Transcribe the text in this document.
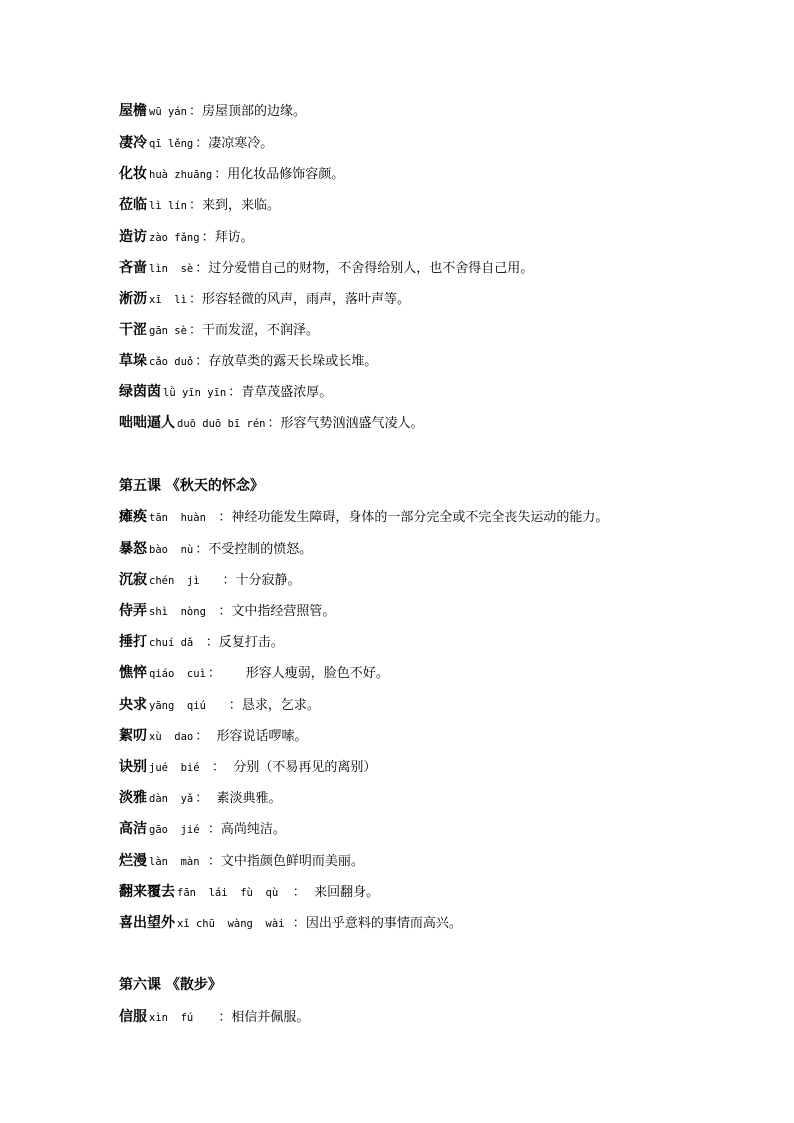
屋檐 wū yán ：房屋顶部的边缘。
凄冷 qī lěng ：凄凉寒冷。
化妆 huà zhuāng ：用化妆品修饰容颜。
莅临 lì lín ：来到，来临。
造访 zào fǎng ：拜访。
吝啬 lìn  sè ：过分爱惜自己的财物，不舍得给别人，也不舍得自己用。
淅沥 xī  lì ：形容轻微的风声，雨声，落叶声等。
干涩 gān sè ：干而发涩，不润泽。
草垛 cǎo duǒ ：存放草类的露天长垛或长堆。
绿茵茵 lǜ yīn yīn ：青草茂盛浓厚。
咄咄逼人 duō duō bī rén ：形容气势汹汹盛气凌人。
第五课 《秋天的怀念》
瘫痪 tān  huàn  ：神经功能发生障碍，身体的一部分完全或不完全丧失运动的能力。
暴怒 bào  nù ：不受控制的愤怒。
沉寂 chén  jì    ：十分寂静。
侍弄 shì  nòng  ：文中指经营照管。
捶打 chuí dǎ  ：反复打击。
憔悴 qiáo  cuì ：      形容人瘦弱，脸色不好。
央求 yāng  qiú    ：恳求，乞求。
絮叨 xù  dao ：  形容说话啰嗦。
诀别 jué  bié  ：  分别（不易再见的离别）
淡雅 dàn  yǎ ：  素淡典雅。
高洁 gāo  jié ：高尚纯洁。
烂漫 làn  màn ：文中指颜色鲜明而美丽。
翻来覆去 fān  lái  fù  qù  ：  来回翻身。
喜出望外 xǐ chū  wàng  wài ：因出乎意料的事情而高兴。
第六课 《散步》
信服 xìn  fú    ：相信并佩服。
